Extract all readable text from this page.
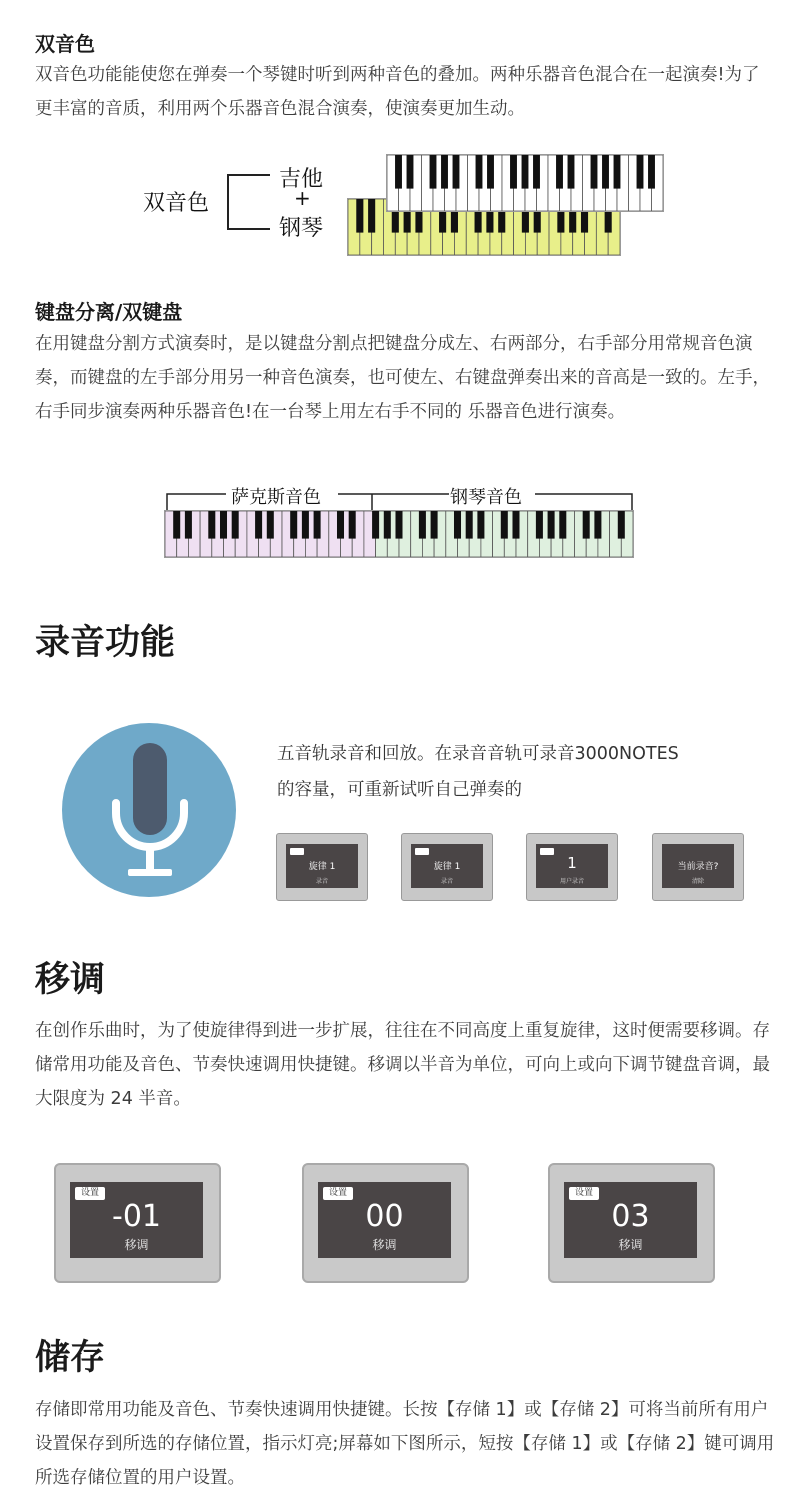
双音色
双音色功能能使您在弹奏一个琴键时听到两种音色的叠加。两种乐器音色混合在一起演奏!为了更丰富的音质，利用两个乐器音色混合演奏，使演奏更加生动。
双音色
吉他
+
钢琴
键盘分离/双键盘
在用键盘分割方式演奏时，是以键盘分割点把键盘分成左、右两部分，右手部分用常规音色演奏，而键盘的左手部分用另一种音色演奏，也可使左、右键盘弹奏出来的音高是一致的。左手，右手同步演奏两种乐器音色!在一台琴上用左右手不同的 乐器音色进行演奏。
萨克斯音色	钢琴音色
录音功能
五音轨录音和回放。在录音音轨可录音3000NOTES 的容量，可重新试听自己弹奏的
旋律 1
录音
旋律 1
录音
1
用户录音
当前录音?
清除
移调
在创作乐曲时，为了使旋律得到进一步扩展，往往在不同高度上重复旋律，这时便需要移调。存储常用功能及音色、节奏快速调用快捷键。移调以半音为单位，可向上或向下调节键盘音调，最大限度为 24 半音。
设置
-01
移调
设置
00
移调
设置
03
移调
储存
存储即常用功能及音色、节奏快速调用快捷键。长按【存储 1】或【存储 2】可将当前所有用户设置保存到所选的存储位置，指示灯亮;屏幕如下图所示，短按【存储 1】或【存储 2】键可调用所选存储位置的用户设置。
